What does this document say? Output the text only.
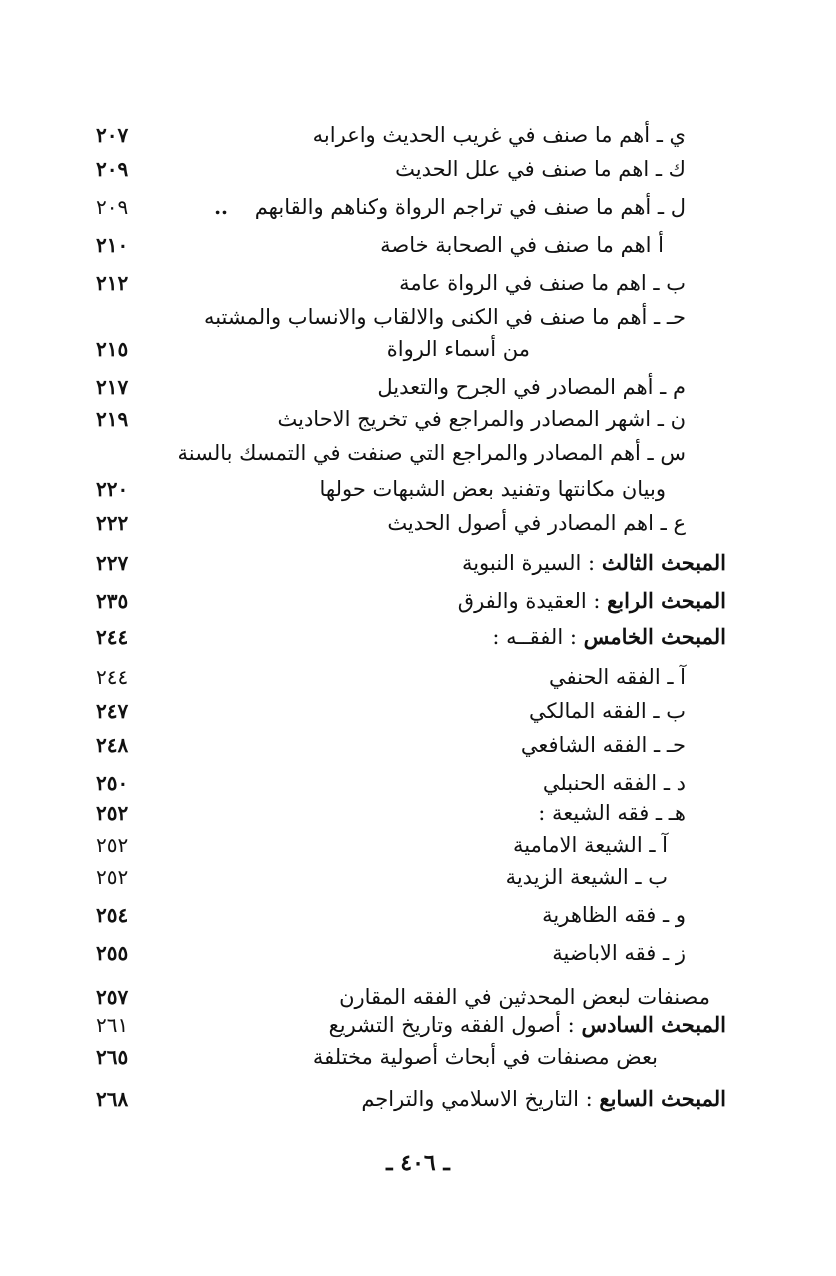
ي ـ أهم ما صنف في غريب الحديث واعرابه
٢٠٧
ك ـ اهم ما صنف في علل الحديث
٢٠٩
ل ـ أهم ما صنف في تراجم الرواة وكناهم والقابهم
..
٢٠٩
أ اهم ما صنف في الصحابة خاصة
٢١٠
ب ـ اهم ما صنف في الرواة عامة
٢١٢
حـ ـ أهم ما صنف في الكنى والالقاب والانساب والمشتبه
من أسماء الرواة
٢١٥
م ـ أهم المصادر في الجرح والتعديل
٢١٧
ن ـ اشهر المصادر والمراجع في تخريج الاحاديث
٢١٩
س ـ أهم المصادر والمراجع التي صنفت في التمسك بالسنة
وبيان مكانتها وتفنيد بعض الشبهات حولها
٢٢٠
ع ـ اهم المصادر في أصول الحديث
٢٢٢
المبحث الثالث : السيرة النبوية
٢٢٧
المبحث الرابع : العقيدة والفرق
٢٣٥
المبحث الخامس : الفقــه :
٢٤٤
آ ـ الفقه الحنفي
٢٤٤
ب ـ الفقه المالكي
٢٤٧
حـ ـ الفقه الشافعي
٢٤٨
د ـ الفقه الحنبلي
٢٥٠
هـ ـ فقه الشيعة :
٢٥٢
آ ـ الشيعة الامامية
٢٥٢
ب ـ الشيعة الزيدية
٢٥٢
و ـ فقه الظاهرية
٢٥٤
ز ـ فقه الاباضية
٢٥٥
مصنفات لبعض المحدثين في الفقه المقارن
٢٥٧
المبحث السادس : أصول الفقه وتاريخ التشريع
٢٦١
بعض مصنفات في أبحاث أصولية مختلفة
٢٦٥
المبحث السابع : التاريخ الاسلامي والتراجم
٢٦٨
ـ ٤٠٦ ـ
